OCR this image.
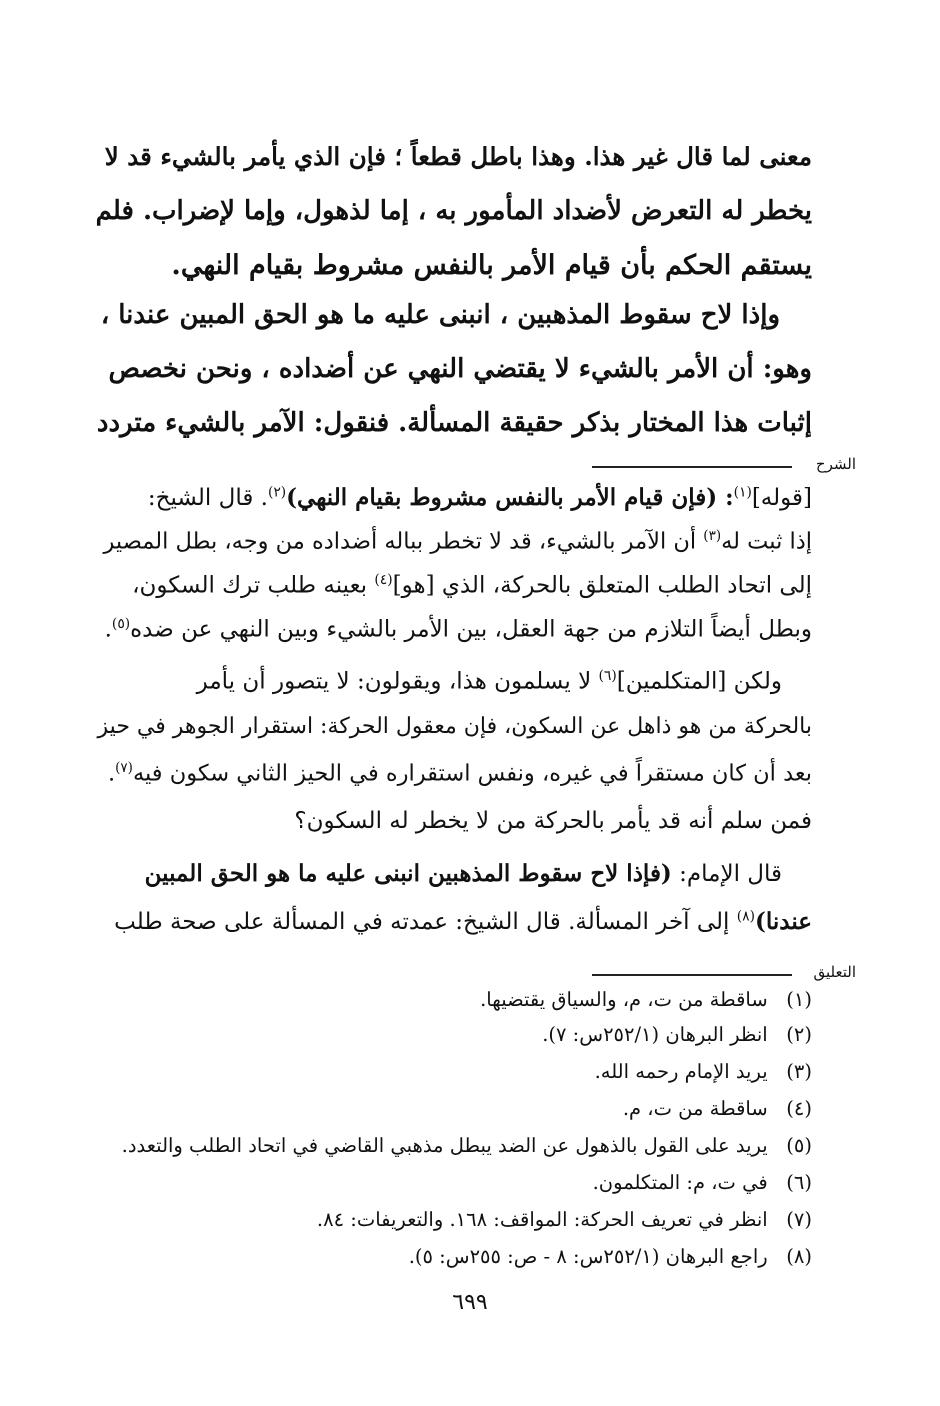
معنى لما قال غير هذا. وهذا باطل قطعاً ؛ فإن الذي يأمر بالشيء قد لا
يخطر له التعرض لأضداد المأمور به ، إما لذهول، وإما لإضراب. فلم
يستقم الحكم بأن قيام الأمر بالنفس مشروط بقيام النهي.
وإذا لاح سقوط المذهبين ، انبنى عليه ما هو الحق المبين عندنا ،
وهو: أن الأمر بالشيء لا يقتضي النهي عن أضداده ، ونحن نخصص
إثبات هذا المختار بذكر حقيقة المسألة. فنقول: الآمر بالشيء متردد
الشرح
[قوله]$^{(١)}$: (فإن قيام الأمر بالنفس مشروط بقيام النهي)$^{(٢)}$. قال الشيخ:
إذا ثبت له$^{(٣)}$ أن الآمر بالشيء، قد لا تخطر بباله أضداده من وجه، بطل المصير
إلى اتحاد الطلب المتعلق بالحركة، الذي [هو]$^{(٤)}$ بعينه طلب ترك السكون،
وبطل أيضاً التلازم من جهة العقل، بين الأمر بالشيء وبين النهي عن ضده$^{(٥)}$.
ولكن [المتكلمين]$^{(٦)}$ لا يسلمون هذا، ويقولون: لا يتصور أن يأمر
بالحركة من هو ذاهل عن السكون، فإن معقول الحركة: استقرار الجوهر في حيز
بعد أن كان مستقراً في غيره، ونفس استقراره في الحيز الثاني سكون فيه$^{(٧)}$.
فمن سلم أنه قد يأمر بالحركة من لا يخطر له السكون؟
قال الإمام: (فإذا لاح سقوط المذهبين انبنى عليه ما هو الحق المبين
عندنا)$^{(٨)}$ إلى آخر المسألة. قال الشيخ: عمدته في المسألة على صحة طلب
التعليق
(١)   ساقطة من ت، م، والسياق يقتضيها.
(٢)   انظر البرهان (٢٥٢/١س: ٧).
(٣)   يريد الإمام رحمه الله.
(٤)   ساقطة من ت، م.
(٥)   يريد على القول بالذهول عن الضد يبطل مذهبي القاضي في اتحاد الطلب والتعدد.
(٦)   في ت، م: المتكلمون.
(٧)   انظر في تعريف الحركة: المواقف: ١٦٨. والتعريفات: ٨٤.
(٨)   راجع البرهان (٢٥٢/١س: ٨ - ص: ٢٥٥س: ٥).
٦٩٩
